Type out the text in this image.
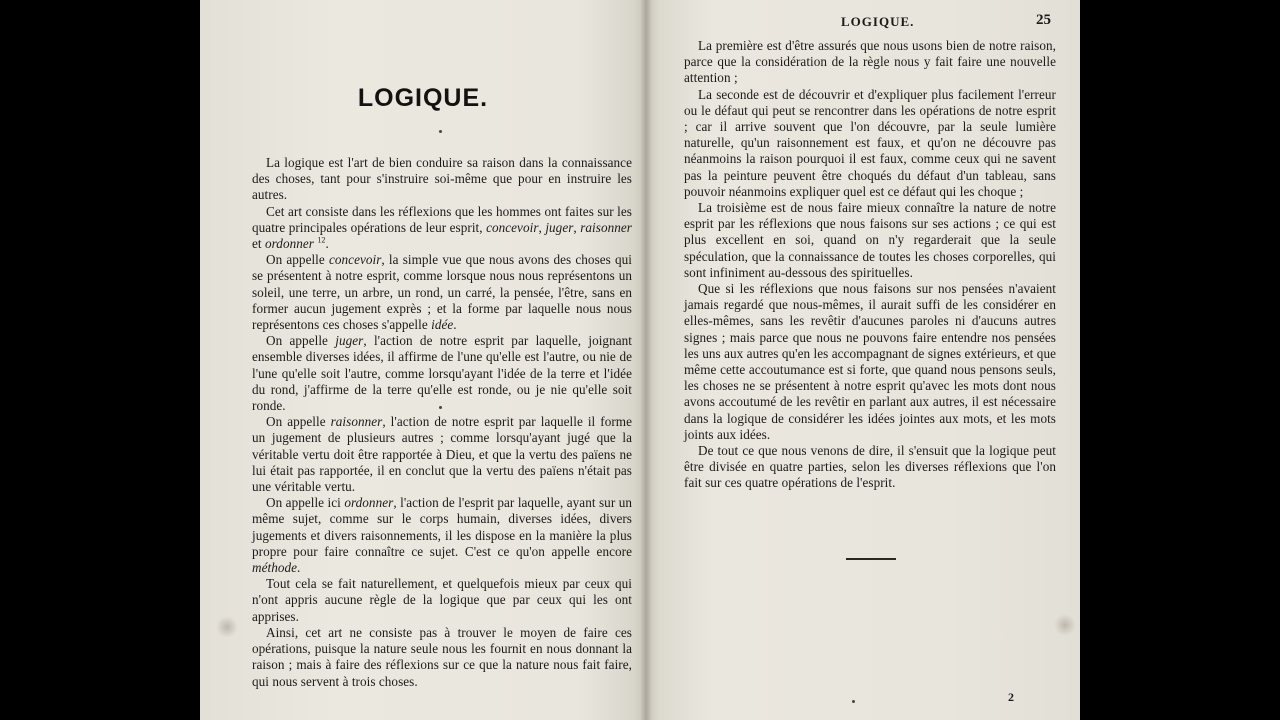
LOGIQUE.

La logique est l'art de bien conduire sa raison dans la connaissance des choses, tant pour s'instruire soi-même que pour en instruire les autres.

Cet art consiste dans les réflexions que les hommes ont faites sur les quatre principales opérations de leur esprit, concevoir, juger, raisonner et ordonner $^{12}$.

On appelle concevoir, la simple vue que nous avons des choses qui se présentent à notre esprit, comme lorsque nous nous représentons un soleil, une terre, un arbre, un rond, un carré, la pensée, l'être, sans en former aucun jugement exprès ; et la forme par laquelle nous nous représentons ces choses s'appelle idée.

On appelle juger, l'action de notre esprit par laquelle, joignant ensemble diverses idées, il affirme de l'une qu'elle est l'autre, ou nie de l'une qu'elle soit l'autre, comme lorsqu'ayant l'idée de la terre et l'idée du rond, j'affirme de la terre qu'elle est ronde, ou je nie qu'elle soit ronde.

On appelle raisonner, l'action de notre esprit par laquelle il forme un jugement de plusieurs autres ; comme lorsqu'ayant jugé que la véritable vertu doit être rapportée à Dieu, et que la vertu des païens ne lui était pas rapportée, il en conclut que la vertu des païens n'était pas une véritable vertu.

On appelle ici ordonner, l'action de l'esprit par laquelle, ayant sur un même sujet, comme sur le corps humain, diverses idées, divers jugements et divers raisonnements, il les dispose en la manière la plus propre pour faire connaître ce sujet. C'est ce qu'on appelle encore méthode.

Tout cela se fait naturellement, et quelquefois mieux par ceux qui n'ont appris aucune règle de la logique que par ceux qui les ont apprises.

Ainsi, cet art ne consiste pas à trouver le moyen de faire ces opérations, puisque la nature seule nous les fournit en nous donnant la raison ; mais à faire des réflexions sur ce que la nature nous fait faire, qui nous servent à trois choses.

LOGIQUE.	25

La première est d'être assurés que nous usons bien de notre raison, parce que la considération de la règle nous y fait faire une nouvelle attention ;

La seconde est de découvrir et d'expliquer plus facilement l'erreur ou le défaut qui peut se rencontrer dans les opérations de notre esprit ; car il arrive souvent que l'on découvre, par la seule lumière naturelle, qu'un raisonnement est faux, et qu'on ne découvre pas néanmoins la raison pourquoi il est faux, comme ceux qui ne savent pas la peinture peuvent être choqués du défaut d'un tableau, sans pouvoir néanmoins expliquer quel est ce défaut qui les choque ;

La troisième est de nous faire mieux connaître la nature de notre esprit par les réflexions que nous faisons sur ses actions ; ce qui est plus excellent en soi, quand on n'y regarderait que la seule spéculation, que la connaissance de toutes les choses corporelles, qui sont infiniment au-dessous des spirituelles.

Que si les réflexions que nous faisons sur nos pensées n'avaient jamais regardé que nous-mêmes, il aurait suffi de les considérer en elles-mêmes, sans les revêtir d'aucunes paroles ni d'aucuns autres signes ; mais parce que nous ne pouvons faire entendre nos pensées les uns aux autres qu'en les accompagnant de signes extérieurs, et que même cette accoutumance est si forte, que quand nous pensons seuls, les choses ne se présentent à notre esprit qu'avec les mots dont nous avons accoutumé de les revêtir en parlant aux autres, il est nécessaire dans la logique de considérer les idées jointes aux mots, et les mots joints aux idées.

De tout ce que nous venons de dire, il s'ensuit que la logique peut être divisée en quatre parties, selon les diverses réflexions que l'on fait sur ces quatre opérations de l'esprit.

2
